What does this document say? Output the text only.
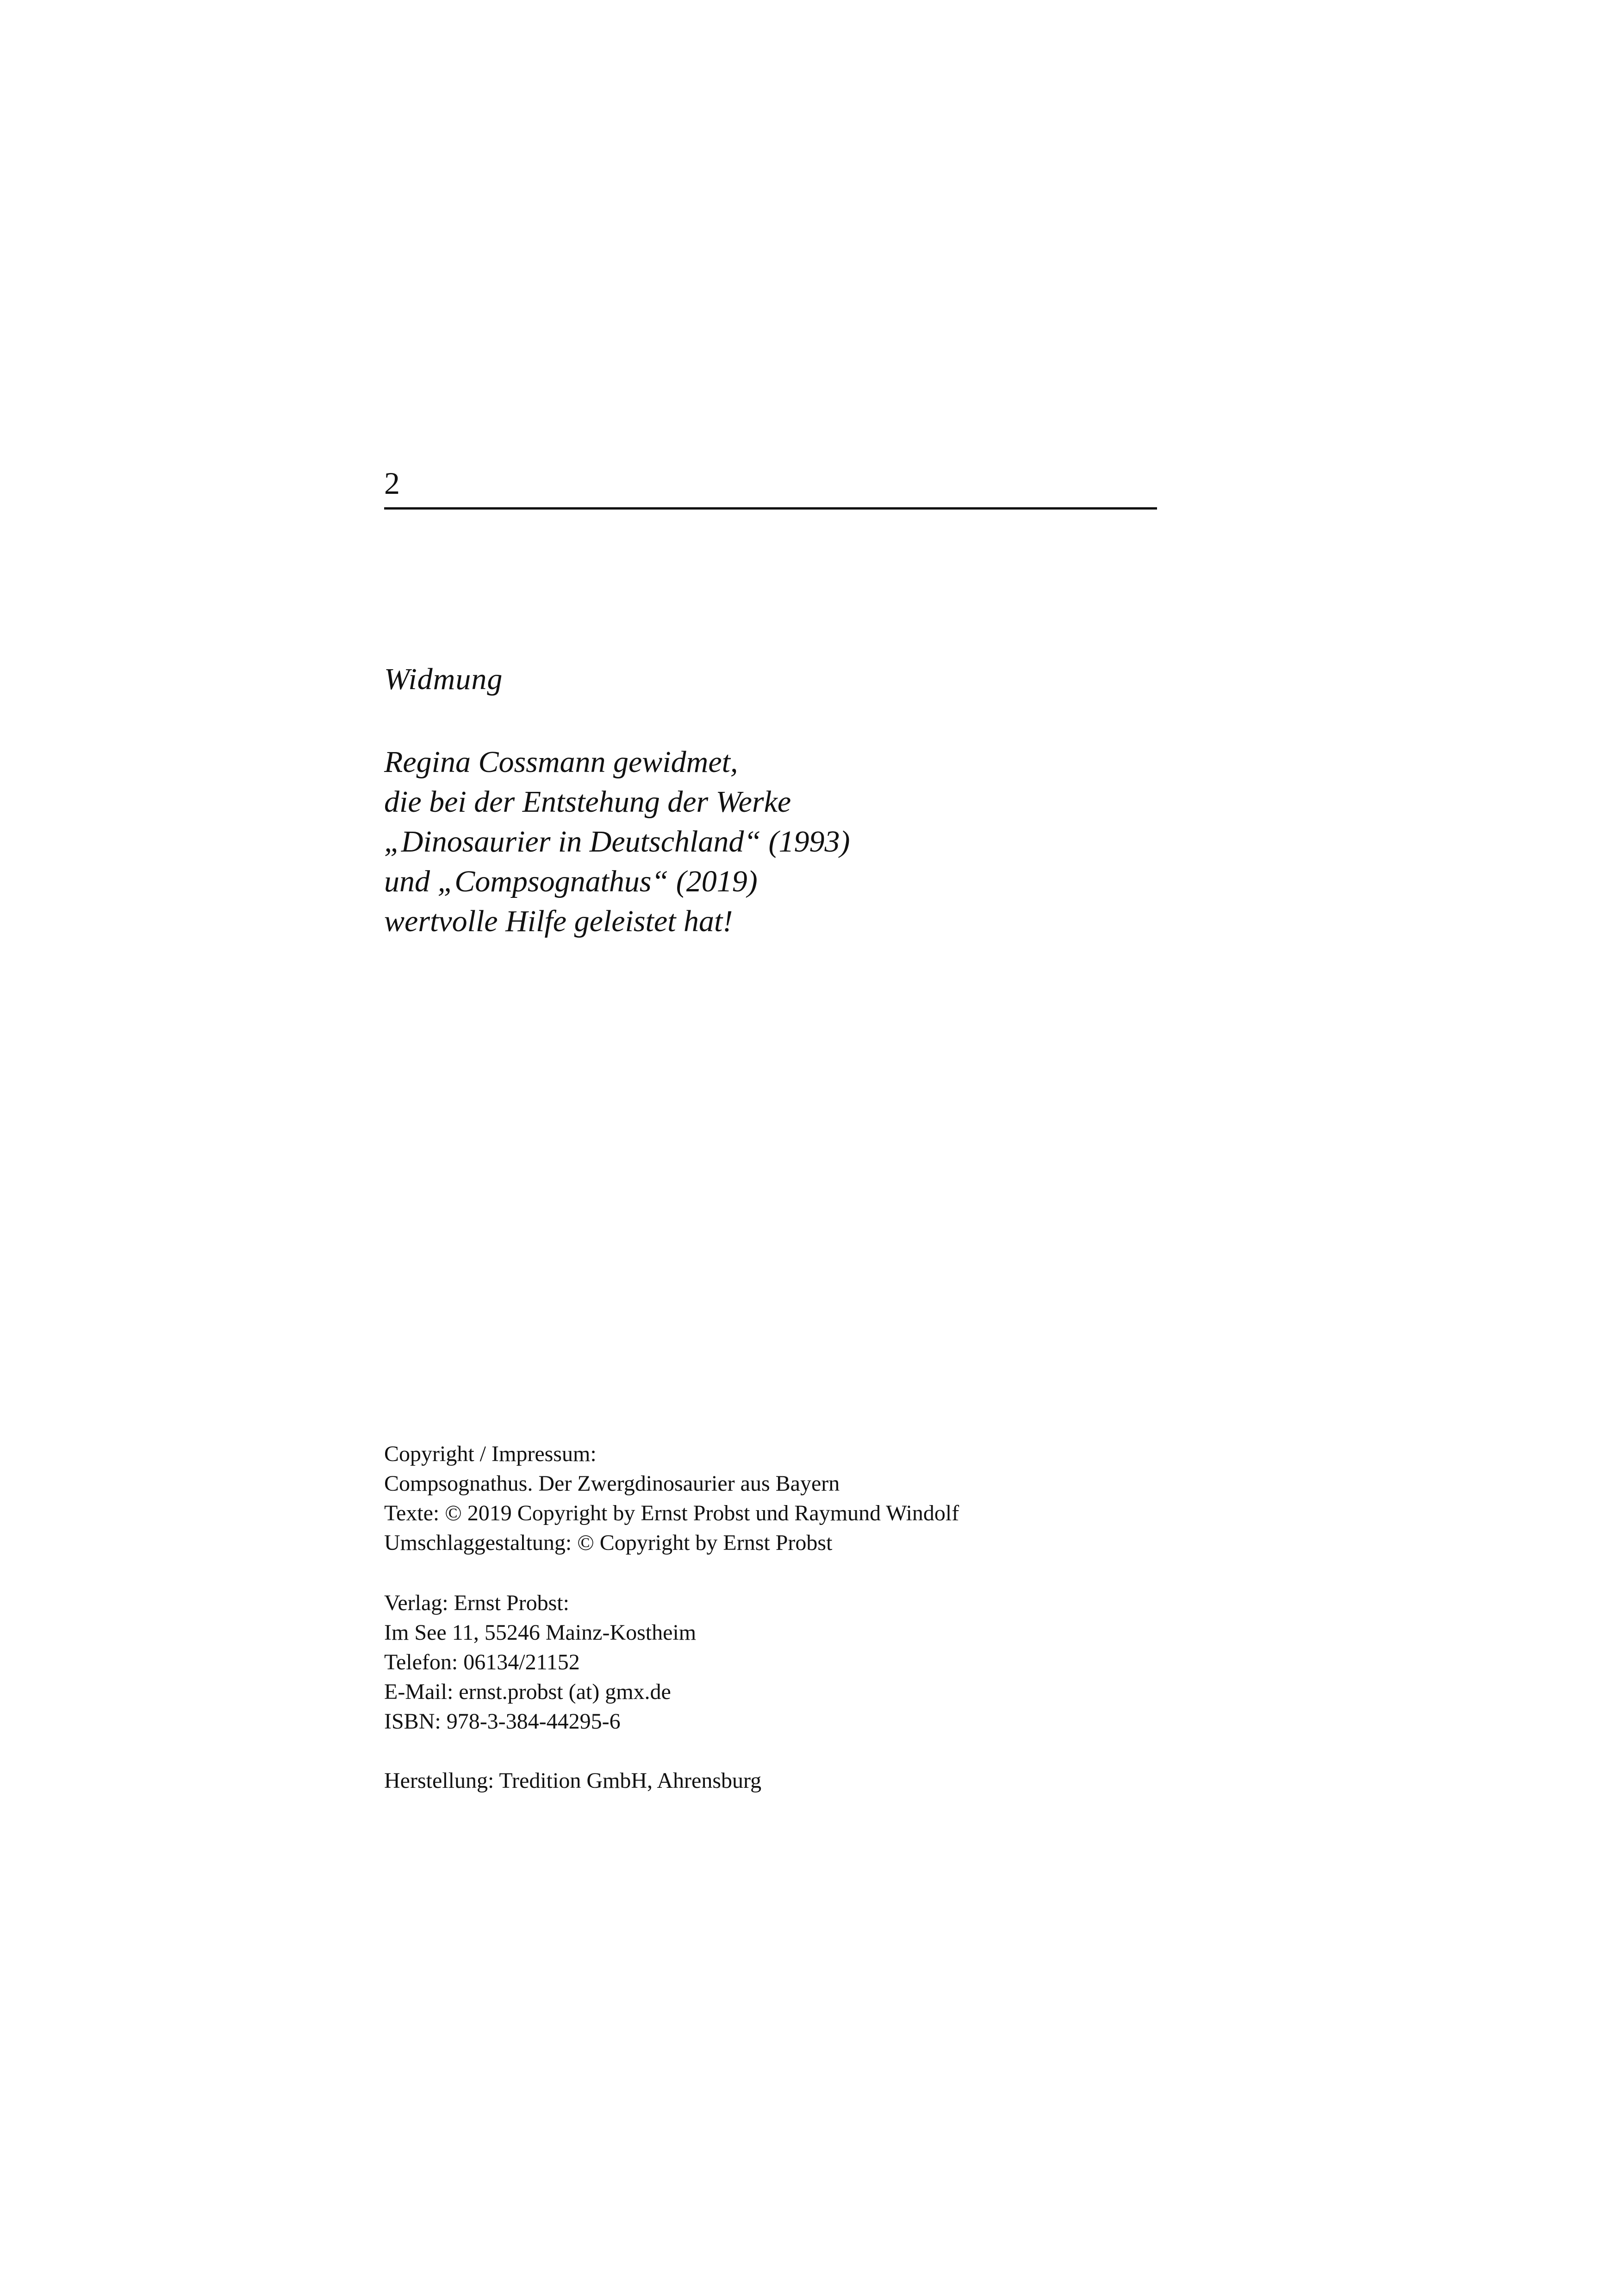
2
Widmung
Regina Cossmann gewidmet,
die bei der Entstehung der Werke
„Dinosaurier in Deutschland“ (1993)
und „Compsognathus“ (2019)
wertvolle Hilfe geleistet hat!
Copyright / Impressum:
Compsognathus. Der Zwergdinosaurier aus Bayern
Texte: © 2019 Copyright by Ernst Probst und Raymund Windolf
Umschlaggestaltung: © Copyright by Ernst Probst
Verlag: Ernst Probst:
Im See 11, 55246 Mainz-Kostheim
Telefon: 06134/21152
E-Mail: ernst.probst (at) gmx.de
ISBN: 978-3-384-44295-6
Herstellung: Tredition GmbH, Ahrensburg
